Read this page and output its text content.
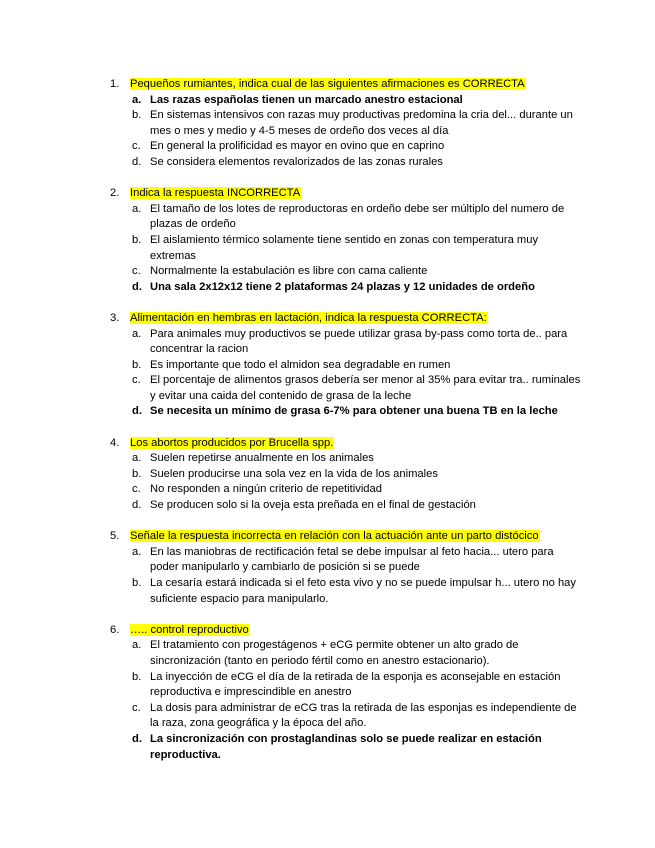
1. Pequeños rumiantes, indica cual de las siguientes afirmaciones es CORRECTA
a. Las razas españolas tienen un marcado anestro estacional
b. En sistemas intensivos con razas muy productivas predomina la cria del... durante un mes o mes y medio y 4-5 meses de ordeño dos veces al día
c. En general la prolificidad es mayor en ovino que en caprino
d. Se considera elementos revalorizados de las zonas rurales
2. Indica la respuesta INCORRECTA
a. El tamaño de los lotes de reproductoras en ordeño debe ser múltiplo del numero de plazas de ordeño
b. El aislamiento térmico solamente tiene sentido en zonas con temperatura muy extremas
c. Normalmente la estabulación es libre con cama caliente
d. Una sala 2x12x12 tiene 2 plataformas 24 plazas y 12 unidades de ordeño
3. Alimentación en hembras en lactación, indica la respuesta CORRECTA:
a. Para animales muy productivos se puede utilizar grasa by-pass como torta de.. para concentrar la racion
b. Es importante que todo el almidon sea degradable en rumen
c. El porcentaje de alimentos grasos debería ser menor al 35% para evitar tra.. ruminales y evitar una caida del contenido de grasa de la leche
d. Se necesita un mínimo de grasa 6-7% para obtener una buena TB en la leche
4. Los abortos producidos por Brucella spp.
a. Suelen repetirse anualmente en los animales
b. Suelen producirse una sola vez en la vida de los animales
c. No responden a ningún criterio de repetitividad
d. Se producen solo si la oveja esta preñada en el final de gestación
5. Señale la respuesta incorrecta en relación con la actuación ante un parto distócico
a. En las maniobras de rectificación fetal se debe impulsar al feto hacia... utero para poder manipularlo y cambiarlo de posición si se puede
b. La cesaría estará indicada si el feto esta vivo y no se puede impulsar h... utero no hay suficiente espacio para manipularlo.
6. ….. control reproductivo
a. El tratamiento con progestágenos + eCG permite obtener un alto grado de sincronización (tanto en periodo fértil como en anestro estacionario).
b. La inyección de eCG el día de la retirada de la esponja es aconsejable en estación reproductiva e imprescindible en anestro
c. La dosis para administrar de eCG tras la retirada de las esponjas es independiente de la raza, zona geográfica y la época del año.
d. La sincronización con prostaglandinas solo se puede realizar en estación reproductiva.
